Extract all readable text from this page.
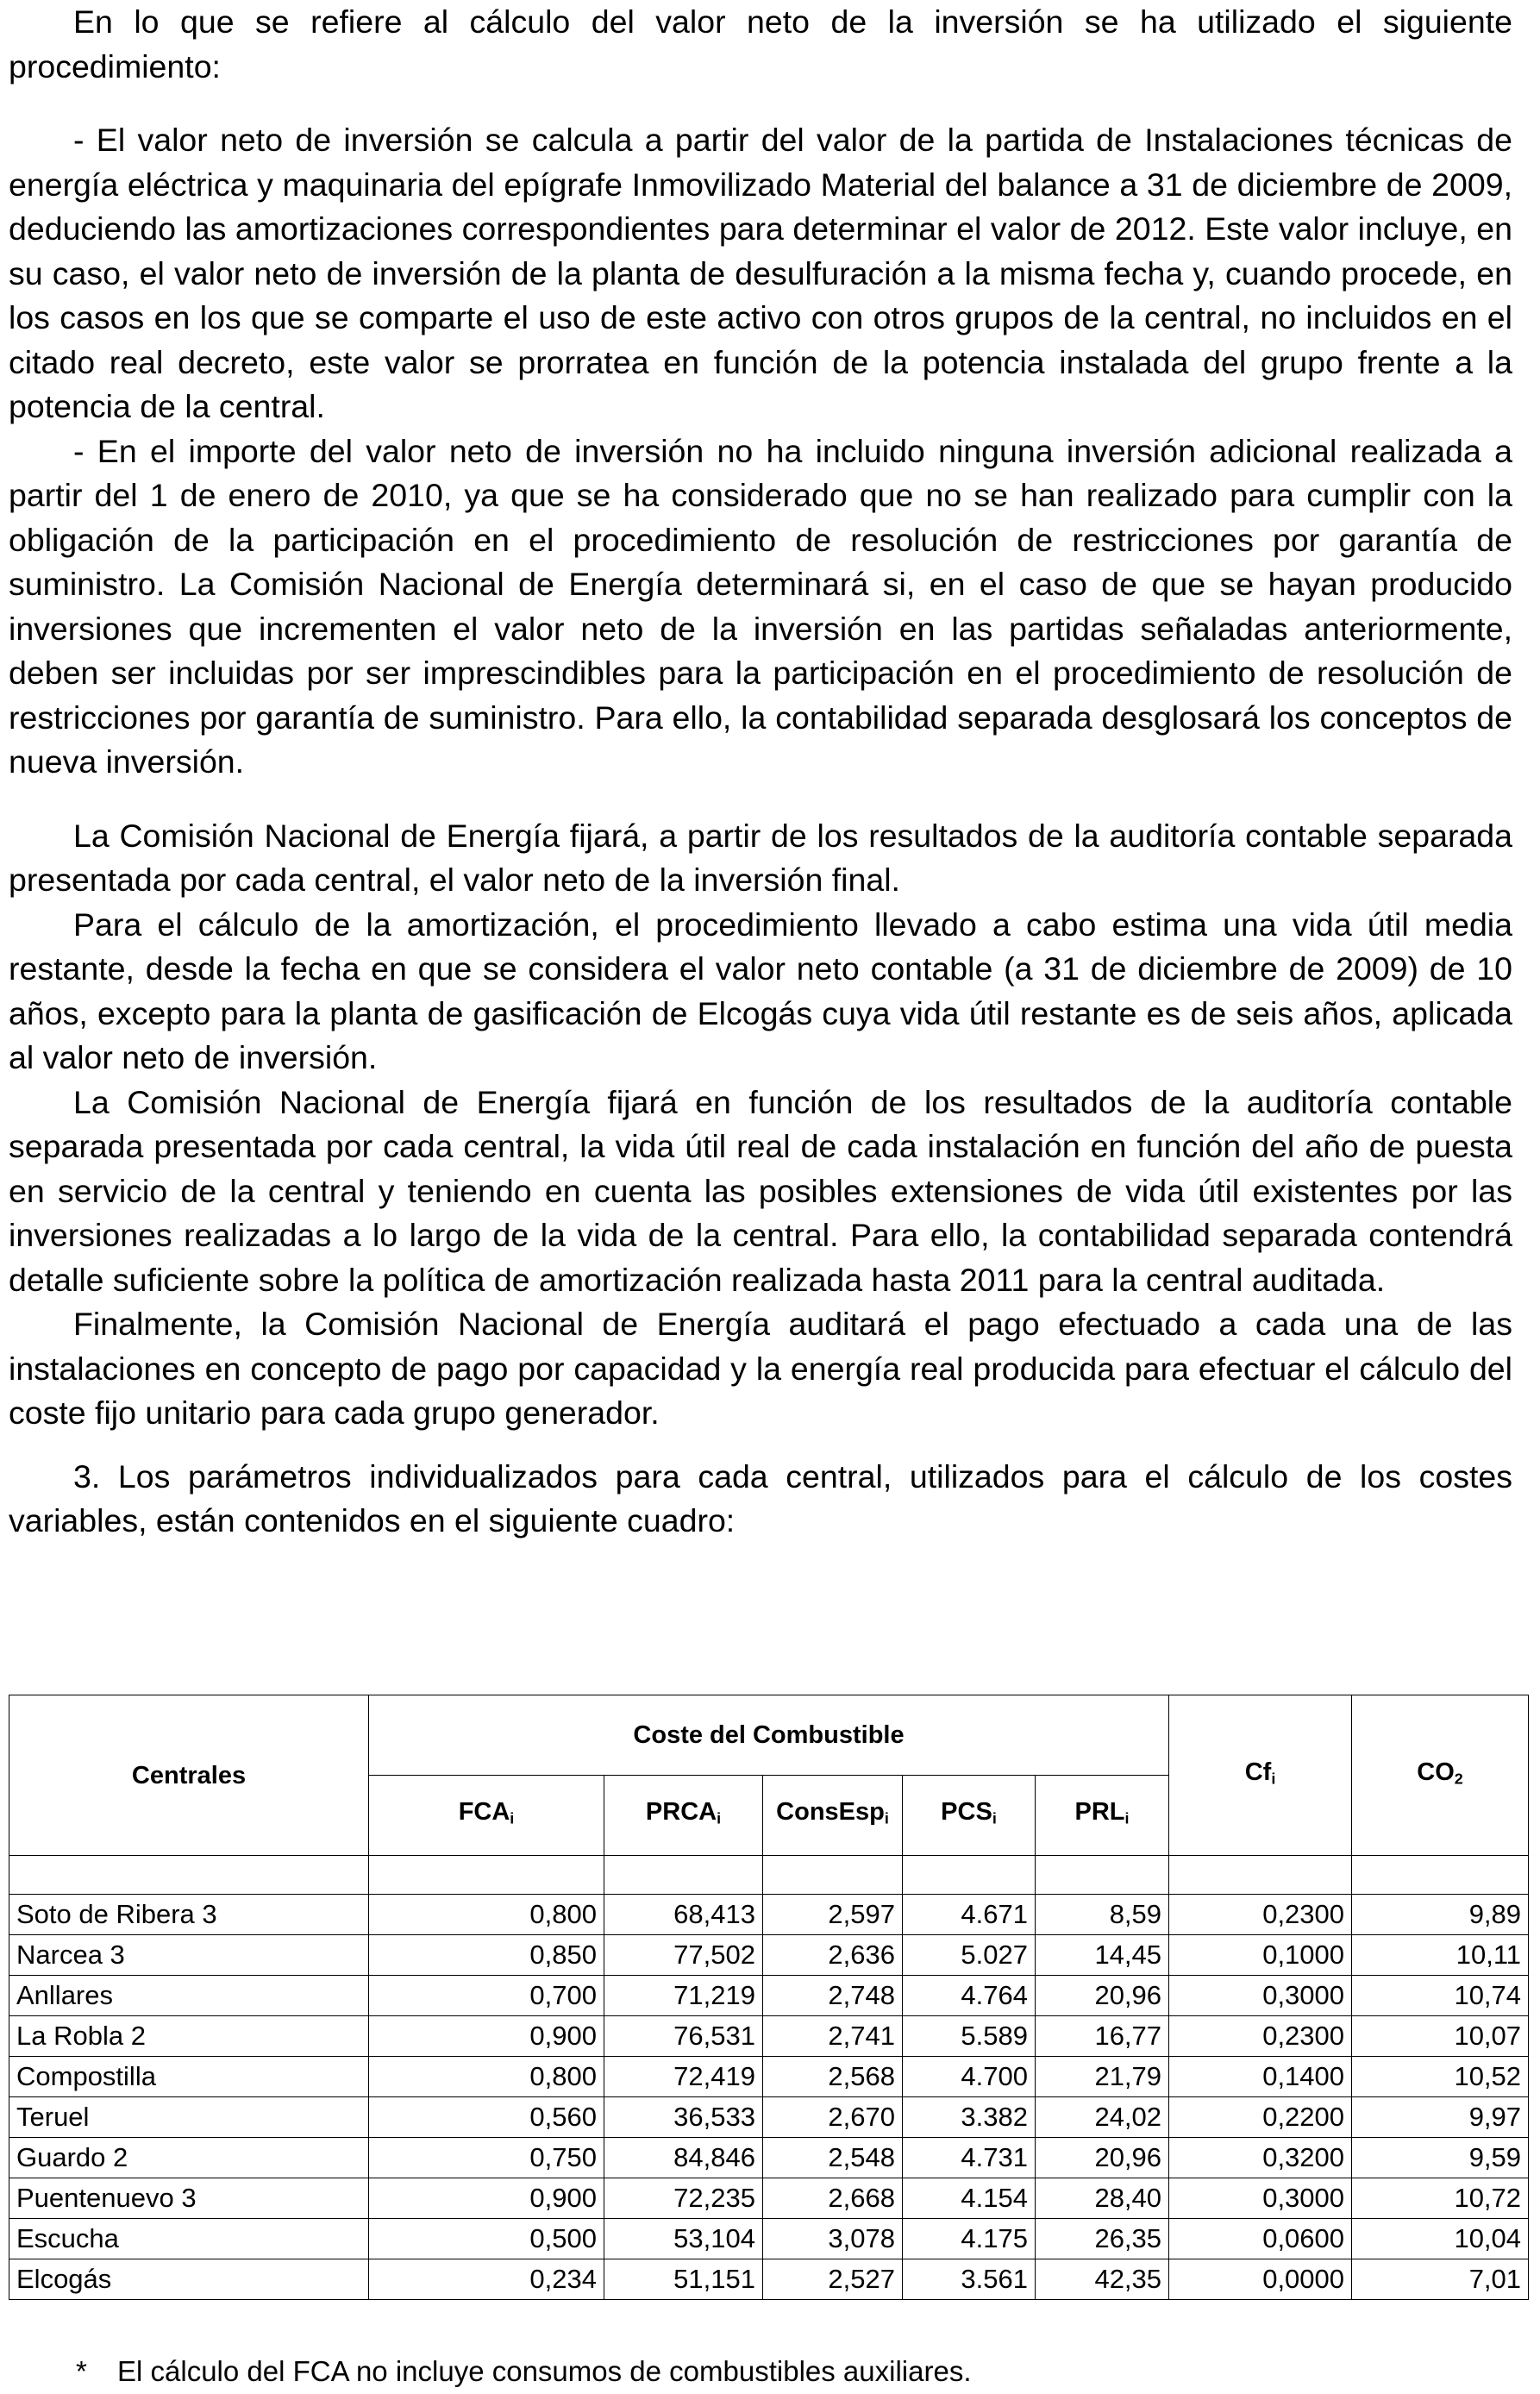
En lo que se refiere al cálculo del valor neto de la inversión se ha utilizado el siguiente procedimiento:

- El valor neto de inversión se calcula a partir del valor de la partida de Instalaciones técnicas de energía eléctrica y maquinaria del epígrafe Inmovilizado Material del balance a 31 de diciembre de 2009, deduciendo las amortizaciones correspondientes para determinar el valor de 2012. Este valor incluye, en su caso, el valor neto de inversión de la planta de desulfuración a la misma fecha y, cuando procede, en los casos en los que se comparte el uso de este activo con otros grupos de la central, no incluidos en el citado real decreto, este valor se prorratea en función de la potencia instalada del grupo frente a la potencia de la central.

- En el importe del valor neto de inversión no ha incluido ninguna inversión adicional realizada a partir del 1 de enero de 2010, ya que se ha considerado que no se han realizado para cumplir con la obligación de la participación en el procedimiento de resolución de restricciones por garantía de suministro. La Comisión Nacional de Energía determinará si, en el caso de que se hayan producido inversiones que incrementen el valor neto de la inversión en las partidas señaladas anteriormente, deben ser incluidas por ser imprescindibles para la participación en el procedimiento de resolución de restricciones por garantía de suministro. Para ello, la contabilidad separada desglosará los conceptos de nueva inversión.

La Comisión Nacional de Energía fijará, a partir de los resultados de la auditoría contable separada presentada por cada central, el valor neto de la inversión final.

Para el cálculo de la amortización, el procedimiento llevado a cabo estima una vida útil media restante, desde la fecha en que se considera el valor neto contable (a 31 de diciembre de 2009) de 10 años, excepto para la planta de gasificación de Elcogás cuya vida útil restante es de seis años, aplicada al valor neto de inversión.

La Comisión Nacional de Energía fijará en función de los resultados de la auditoría contable separada presentada por cada central, la vida útil real de cada instalación en función del año de puesta en servicio de la central y teniendo en cuenta las posibles extensiones de vida útil existentes por las inversiones realizadas a lo largo de la vida de la central. Para ello, la contabilidad separada contendrá detalle suficiente sobre la política de amortización realizada hasta 2011 para la central auditada.

Finalmente, la Comisión Nacional de Energía auditará el pago efectuado a cada una de las instalaciones en concepto de pago por capacidad y la energía real producida para efectuar el cálculo del coste fijo unitario para cada grupo generador.

3. Los parámetros individualizados para cada central, utilizados para el cálculo de los costes variables, están contenidos en el siguiente cuadro:

Centrales	Coste del Combustible					$Cf_i$	$CO_2$
	$FCA_i$	$PRCA_i$	ConsEsp$_i$	$PCS_i$	$PRL_i$

Soto de Ribera 3	0,800	68,413	2,597	4.671	8,59	0,2300	9,89
Narcea 3	0,850	77,502	2,636	5.027	14,45	0,1000	10,11
Anllares	0,700	71,219	2,748	4.764	20,96	0,3000	10,74
La Robla 2	0,900	76,531	2,741	5.589	16,77	0,2300	10,07
Compostilla	0,800	72,419	2,568	4.700	21,79	0,1400	10,52
Teruel	0,560	36,533	2,670	3.382	24,02	0,2200	9,97
Guardo 2	0,750	84,846	2,548	4.731	20,96	0,3200	9,59
Puentenuevo 3	0,900	72,235	2,668	4.154	28,40	0,3000	10,72
Escucha	0,500	53,104	3,078	4.175	26,35	0,0600	10,04
Elcogás	0,234	51,151	2,527	3.561	42,35	0,0000	7,01
* El cálculo del FCA no incluye consumos de combustibles auxiliares.
